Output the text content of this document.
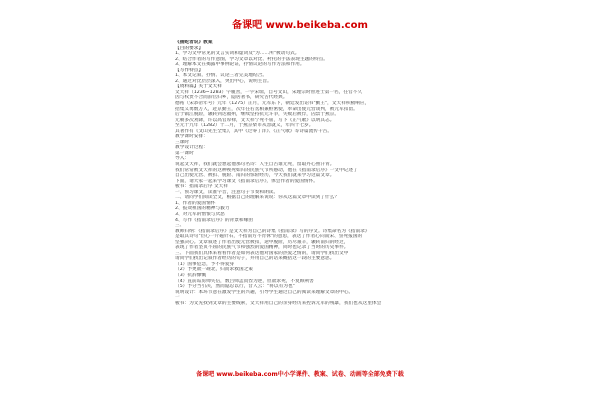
备课吧 www.beikeba.com
《捕蛇者说》教案
【目的要求】
1、学习文中常见的文言实词和虚词及"为……所"被动句式。
2、结合作者的写作意图，学习文章以对比、衬托的手法表现主题的特点。
3、理解本文在揭露中事例论证，抒情议论的写作方法和作用。
【写作特点】
1、本文记叙、抒情、议论三者完美地结合。
2、通过对比层层深入，突出中心，说明主旨。
【资料篇】关于文天祥
文天祥（1236~1283）字履善，一字宋瑞，自号文山，宋理宗时曾进士第一名，任官不久
因与权贵不合而辞官归乡，隐居著书，研究古代经典。
德祐（宋恭帝年号）元年（1275）正月，元军东下，朝廷发出诏书"勤王"，文天祥积极响应，
招集义勇数万人，赴京勤王，次年任右丞相兼枢密使，奉命出使元营谈判，被元军扣留。
后于镇江脱险，辗转到达福州，继续坚持抗元斗争，失败后被俘，囚禁于燕京。
元朝多次劝降，许以高官厚禄，文天祥宁死不屈，写下《正气歌》以明其志。
至元十九年（1282）十二月，于燕京柴市从容就义，年四十七岁。
其著作有《文山先生全集》，其中《过零丁洋》、《正气歌》等诗篇流传千古。
教学课时安排：
三课时
教学设计过程：
第一课时
导入：
说起文天祥，我们就会想起他那句名诗：人生自古谁无死，留取丹心照汗青。
我们常常被文天祥的这种视死如归的民族气节所感动，他在《指南录后序》一文中记述了
自己出使元营、被扣、脱险、南归的惊险经历，今天我们就来学习这篇文章。
下面，请大家一起来学习课文《指南录后序》，体会作者的爱国情怀。
板书：指南录后序 文天祥
一、预习课文，读准字音，注意句子节奏和朗读。
二、请同学们阅读全文，根据自己的理解来说说：你从这篇文章中读到了什么？
1、作者的爱国情怀
2、报效祖国的精神与毅力
3、对元军的憎恨与厌恶
4、写作《指南录后序》的背景和缘由
三、
教师归纳：《指南录后序》是文天祥为自己的诗集《指南录》写的序文。诗集命名为《指南录》
是取其诗句"臣心一片磁针石，不指南方不肯休"的意思，表达了作者心向南宋、誓死报国的
坚强决心。文章叙述了作者出使元营被扣，途中脱险，历尽艰辛，辗转南归的经过，
表现了作者坚贞不屈的民族气节和强烈的爱国精神，同时也记录了当时的历史事件。
三、下面我们具体来看看作者是如何表达他对国家的热爱之情的，请同学们找出文中
请同学们找出记叙作者经历的句子，并用自己的话来概括这一段的主要意思。
（1）国事危急，予不得爱身
（2）予更欲一觇北，归而求救国之策
（3）抗辞慷慨
（4）直前诟虏帅失信，数吕师孟叔侄为逆，但欲求死，不复顾利害
（5）予分当引决，然而隐忍以行，昔人云："将以有为也"
说明设计：本环节意在激发学生的兴趣，引导学生通过自己的阅读来理解文章的中心。
一
板书：为文先找到文章的主要线索，文天祥用自己的亲身经历来控诉元军的残暴，我们也从这里体会
备课吧 www.beikeba.com中小学课件、教案、试卷、动画等全部免费下载
